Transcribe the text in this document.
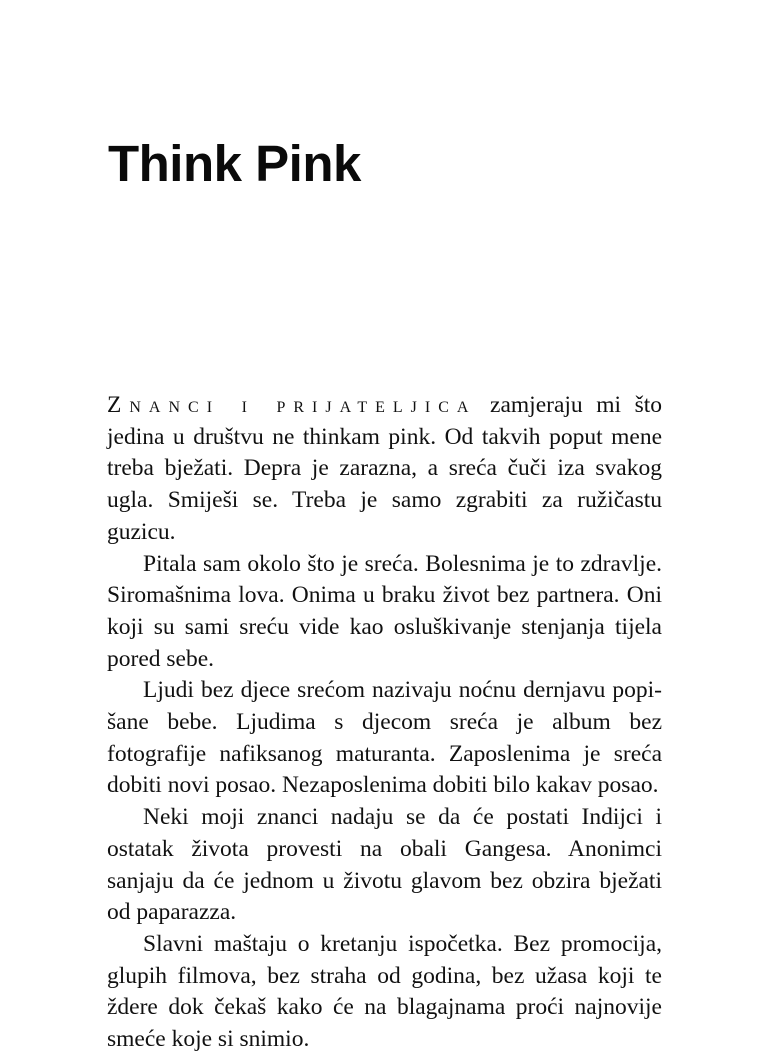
Think Pink

Znanci i prijateljica zamjeraju mi što jedina u društvu ne thinkam pink. Od takvih poput mene treba bježati. Depra je zarazna, a sreća čuči iza svakog ugla. Smiješi se. Treba je samo zgrabiti za ružičastu guzicu.

Pitala sam okolo što je sreća. Bolesnima je to zdravlje. Siromašnima lova. Onima u braku život bez partnera. Oni koji su sami sreću vide kao osluškivanje stenjanja tijela pored sebe.

Ljudi bez djece srećom nazivaju noćnu dernjavu popišane bebe. Ljudima s djecom sreća je album bez fotografije nafiksanog maturanta. Zaposlenima je sreća dobiti novi posao. Nezaposlenima dobiti bilo kakav posao.

Neki moji znanci nadaju se da će postati Indijci i ostatak života provesti na obali Gangesa. Anonimci sanjaju da će jednom u životu glavom bez obzira bježati od paparazza.

Slavni maštaju o kretanju ispočetka. Bez promocija, glupih filmova, bez straha od godina, bez užasa koji te ždere dok čekaš kako će na blagajnama proći najnovije smeće koje si snimio.
